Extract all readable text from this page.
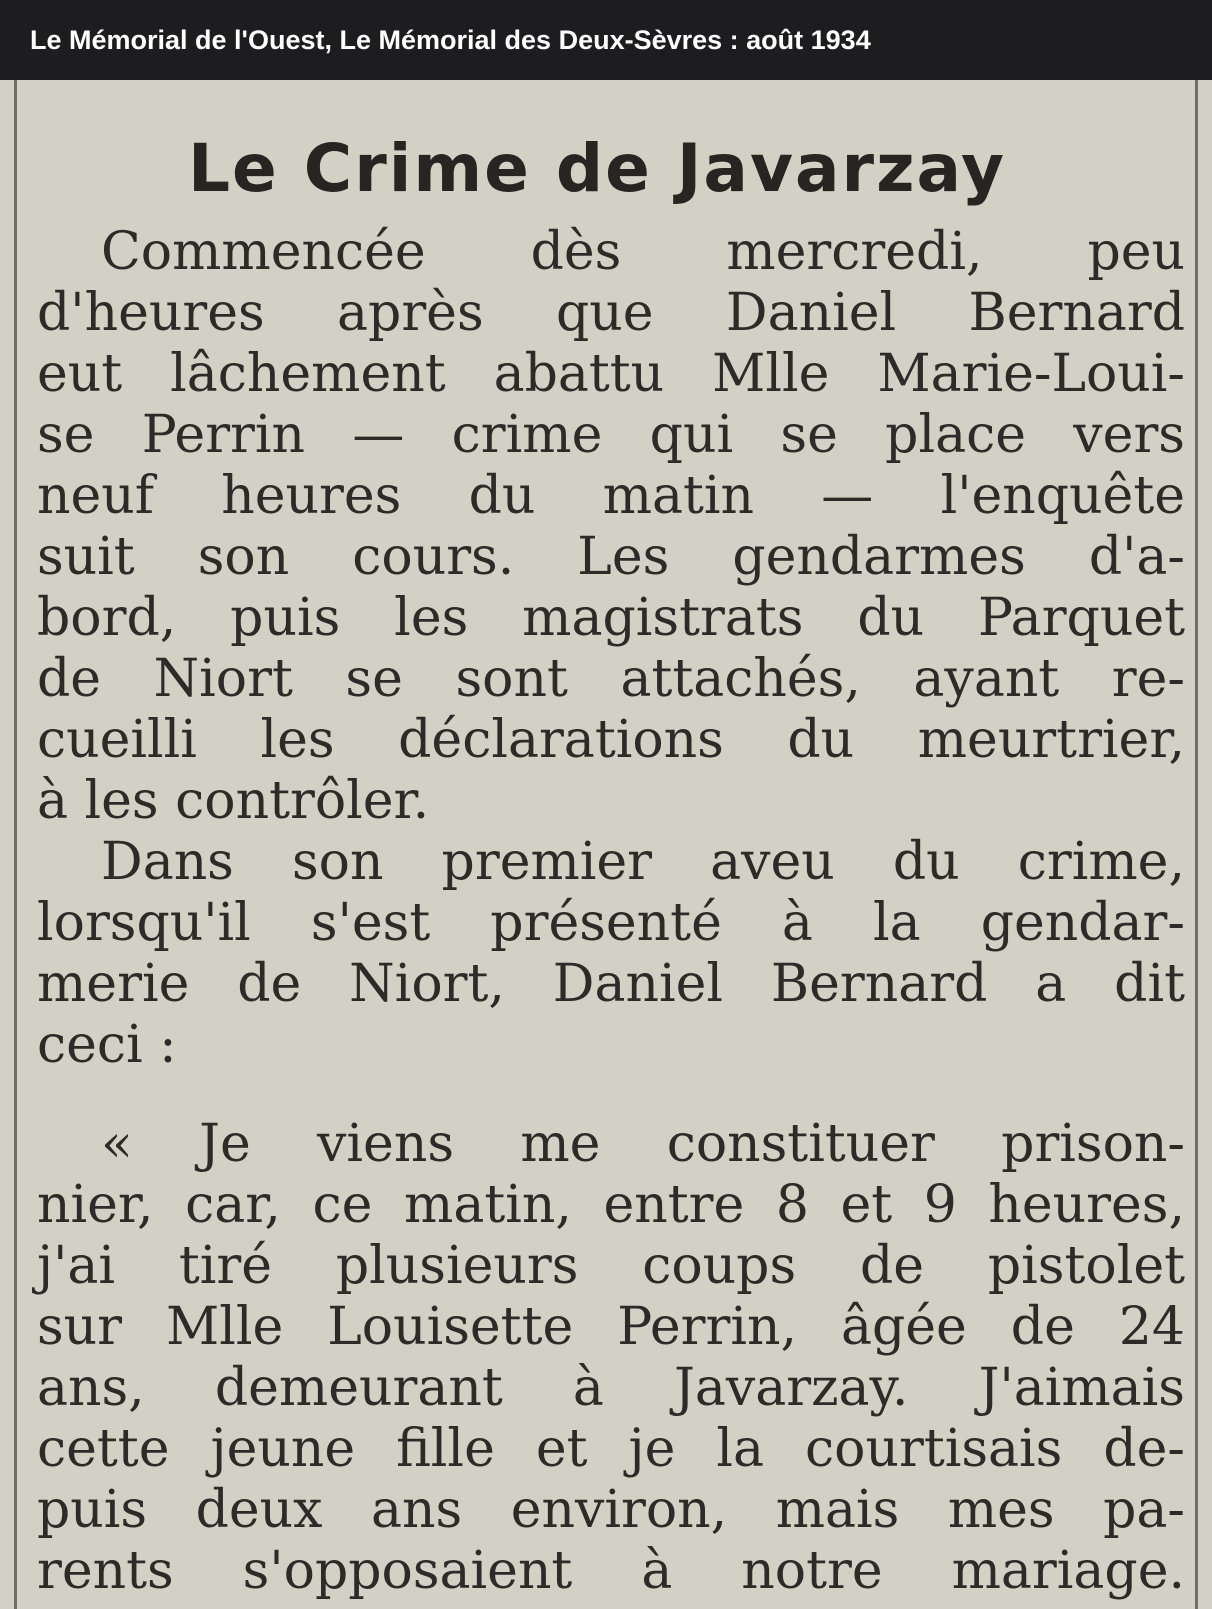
Le Mémorial de l'Ouest, Le Mémorial des Deux-Sèvres : août 1934
Le Crime de Javarzay
Commencée dès mercredi, peu
d'heures après que Daniel Bernard
eut lâchement abattu Mlle Marie-Loui-
se Perrin — crime qui se place vers
neuf heures du matin — l'enquête
suit son cours. Les gendarmes d'a-
bord, puis les magistrats du Parquet
de Niort se sont attachés, ayant re-
cueilli les déclarations du meurtrier,
à les contrôler.
Dans son premier aveu du crime,
lorsqu'il s'est présenté à la gendar-
merie de Niort, Daniel Bernard a dit
ceci :
« Je viens me constituer prison-
nier, car, ce matin, entre 8 et 9 heures,
j'ai tiré plusieurs coups de pistolet
sur Mlle Louisette Perrin, âgée de 24
ans, demeurant à Javarzay. J'aimais
cette jeune fille et je la courtisais de-
puis deux ans environ, mais mes pa-
rents s'opposaient à notre mariage.
